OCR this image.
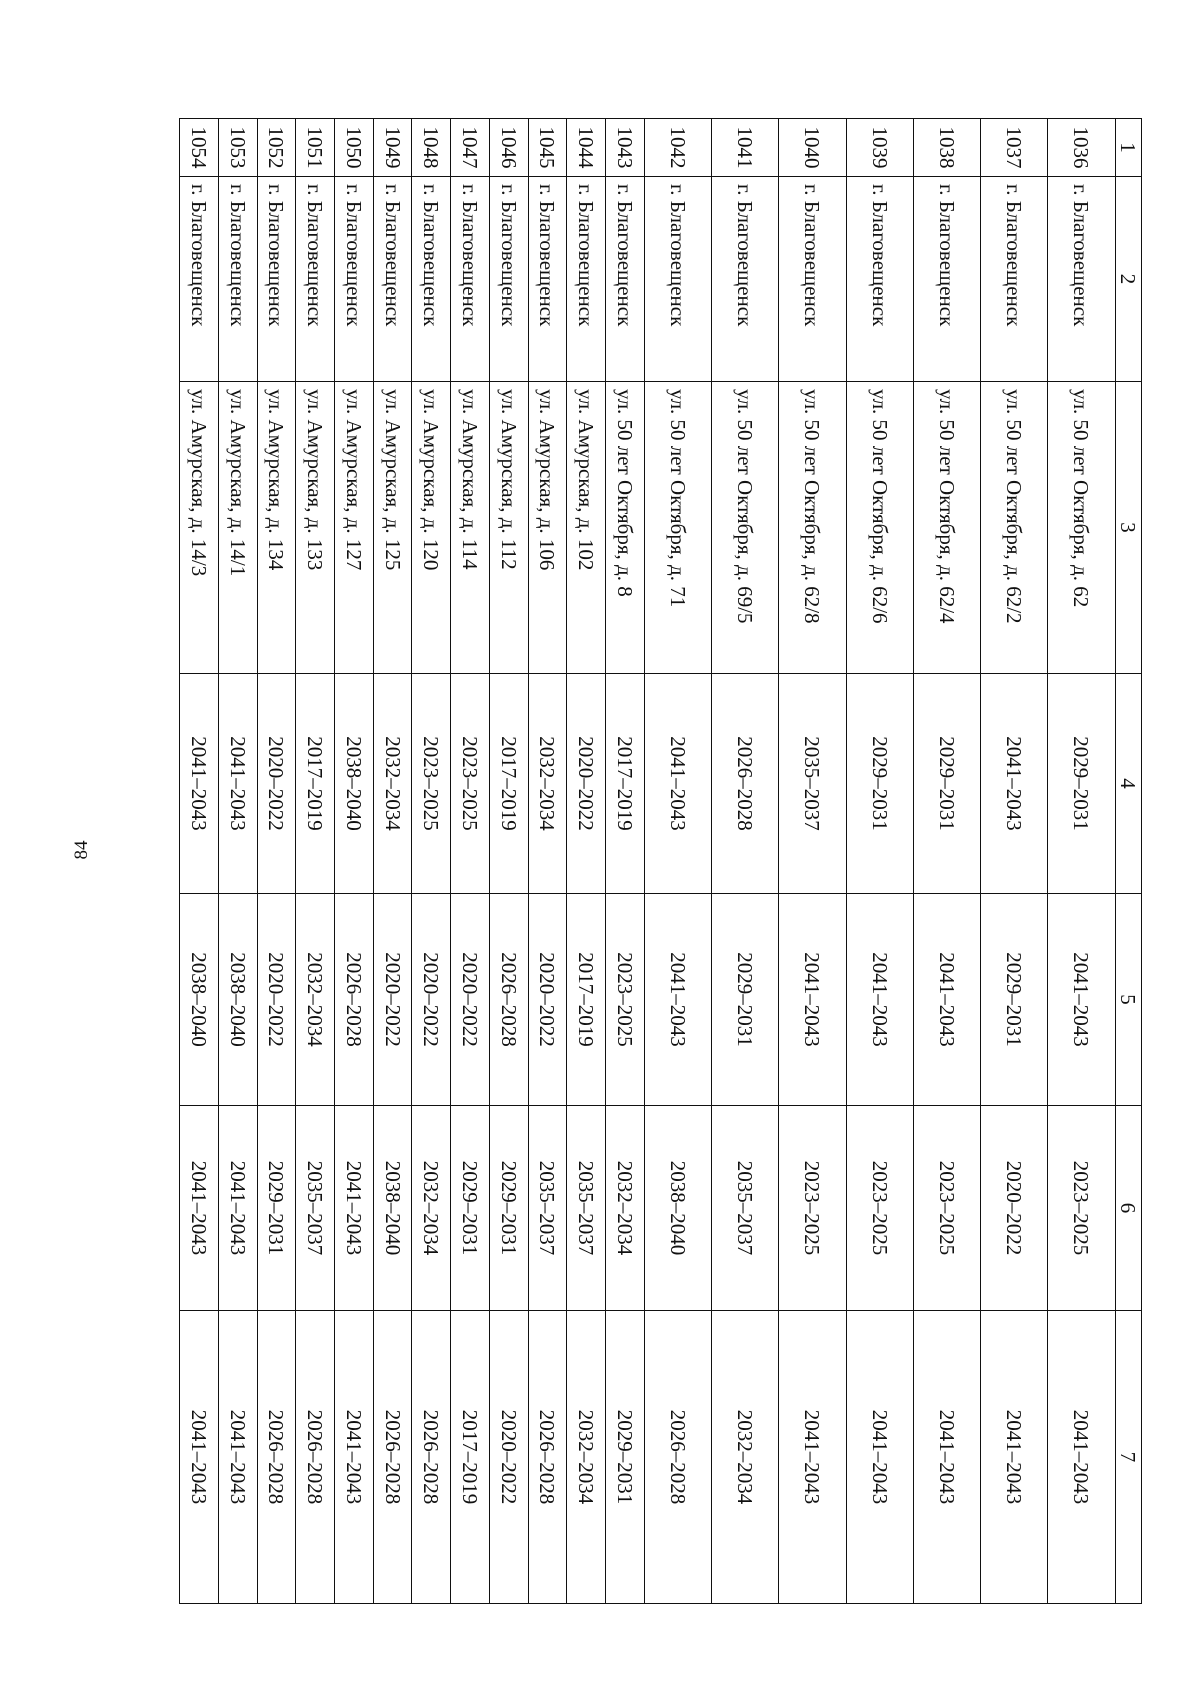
84
1	2	3	4	5	6	7
1036	г. Благовещенск	ул. 50 лет Октября, д. 62	2029–2031	2041–2043	2023–2025	2041–2043
1037	г. Благовещенск	ул. 50 лет Октября, д. 62/2	2041–2043	2029–2031	2020–2022	2041–2043
1038	г. Благовещенск	ул. 50 лет Октября, д. 62/4	2029–2031	2041–2043	2023–2025	2041–2043
1039	г. Благовещенск	ул. 50 лет Октября, д. 62/6	2029–2031	2041–2043	2023–2025	2041–2043
1040	г. Благовещенск	ул. 50 лет Октября, д. 62/8	2035–2037	2041–2043	2023–2025	2041–2043
1041	г. Благовещенск	ул. 50 лет Октября, д. 69/5	2026–2028	2029–2031	2035–2037	2032–2034
1042	г. Благовещенск	ул. 50 лет Октября, д. 71	2041–2043	2041–2043	2038–2040	2026–2028
1043	г. Благовещенск	ул. 50 лет Октября, д. 8	2017–2019	2023–2025	2032–2034	2029–2031
1044	г. Благовещенск	ул. Амурская, д. 102	2020–2022	2017–2019	2035–2037	2032–2034
1045	г. Благовещенск	ул. Амурская, д. 106	2032–2034	2020–2022	2035–2037	2026–2028
1046	г. Благовещенск	ул. Амурская, д. 112	2017–2019	2026–2028	2029–2031	2020–2022
1047	г. Благовещенск	ул. Амурская, д. 114	2023–2025	2020–2022	2029–2031	2017–2019
1048	г. Благовещенск	ул. Амурская, д. 120	2023–2025	2020–2022	2032–2034	2026–2028
1049	г. Благовещенск	ул. Амурская, д. 125	2032–2034	2020–2022	2038–2040	2026–2028
1050	г. Благовещенск	ул. Амурская, д. 127	2038–2040	2026–2028	2041–2043	2041–2043
1051	г. Благовещенск	ул. Амурская, д. 133	2017–2019	2032–2034	2035–2037	2026–2028
1052	г. Благовещенск	ул. Амурская, д. 134	2020–2022	2020–2022	2029–2031	2026–2028
1053	г. Благовещенск	ул. Амурская, д. 14/1	2041–2043	2038–2040	2041–2043	2041–2043
1054	г. Благовещенск	ул. Амурская, д. 14/3	2041–2043	2038–2040	2041–2043	2041–2043
